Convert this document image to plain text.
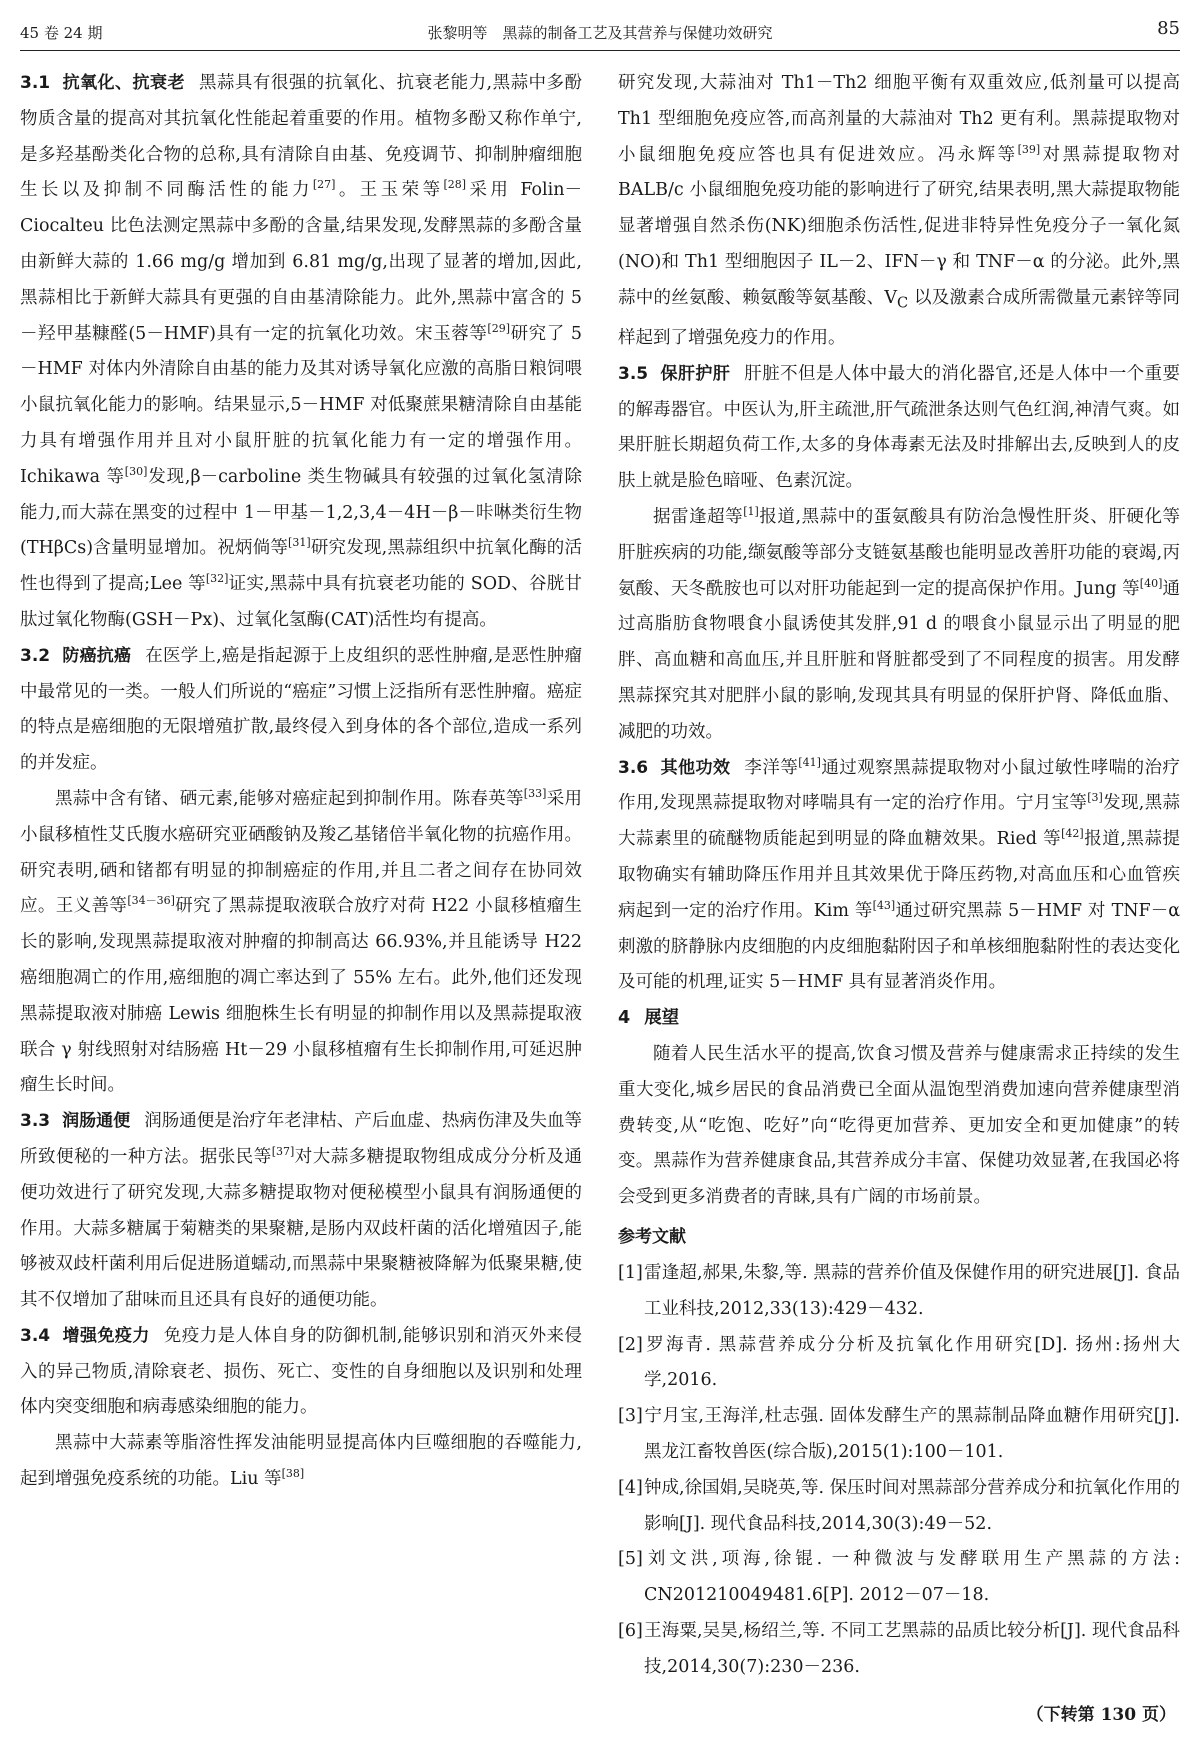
45 卷 24 期	张黎明等　黑蒜的制备工艺及其营养与保健功效研究	85

3.1 抗氧化、抗衰老 黑蒜具有很强的抗氧化、抗衰老能力,黑蒜中多酚物质含量的提高对其抗氧化性能起着重要的作用。植物多酚又称作单宁,是多羟基酚类化合物的总称,具有清除自由基、免疫调节、抑制肿瘤细胞生长以及抑制不同酶活性的能力[27]。王玉荣等[28]采用 Folin－Ciocalteu 比色法测定黑蒜中多酚的含量,结果发现,发酵黑蒜的多酚含量由新鲜大蒜的 1.66 mg/g 增加到 6.81 mg/g,出现了显著的增加,因此,黑蒜相比于新鲜大蒜具有更强的自由基清除能力。此外,黑蒜中富含的 5－羟甲基糠醛(5－HMF)具有一定的抗氧化功效。宋玉蓉等[29]研究了 5－HMF 对体内外清除自由基的能力及其对诱导氧化应激的高脂日粮饲喂小鼠抗氧化能力的影响。结果显示,5－HMF 对低聚蔗果糖清除自由基能力具有增强作用并且对小鼠肝脏的抗氧化能力有一定的增强作用。Ichikawa 等[30]发现,β－carboline 类生物碱具有较强的过氧化氢清除能力,而大蒜在黑变的过程中 1－甲基－1,2,3,4－4H－β－咔啉类衍生物(THβCs)含量明显增加。祝炳倘等[31]研究发现,黑蒜组织中抗氧化酶的活性也得到了提高;Lee 等[32]证实,黑蒜中具有抗衰老功能的 SOD、谷胱甘肽过氧化物酶(GSH－Px)、过氧化氢酶(CAT)活性均有提高。

3.2 防癌抗癌 在医学上,癌是指起源于上皮组织的恶性肿瘤,是恶性肿瘤中最常见的一类。一般人们所说的“癌症”习惯上泛指所有恶性肿瘤。癌症的特点是癌细胞的无限增殖扩散,最终侵入到身体的各个部位,造成一系列的并发症。

黑蒜中含有锗、硒元素,能够对癌症起到抑制作用。陈春英等[33]采用小鼠移植性艾氏腹水癌研究亚硒酸钠及羧乙基锗倍半氧化物的抗癌作用。研究表明,硒和锗都有明显的抑制癌症的作用,并且二者之间存在协同效应。王义善等[34－36]研究了黑蒜提取液联合放疗对荷 H22 小鼠移植瘤生长的影响,发现黑蒜提取液对肿瘤的抑制高达 66.93%,并且能诱导 H22 癌细胞凋亡的作用,癌细胞的凋亡率达到了 55% 左右。此外,他们还发现黑蒜提取液对肺癌 Lewis 细胞株生长有明显的抑制作用以及黑蒜提取液联合 γ 射线照射对结肠癌 Ht－29 小鼠移植瘤有生长抑制作用,可延迟肿瘤生长时间。

3.3 润肠通便 润肠通便是治疗年老津枯、产后血虚、热病伤津及失血等所致便秘的一种方法。据张民等[37]对大蒜多糖提取物组成成分分析及通便功效进行了研究发现,大蒜多糖提取物对便秘模型小鼠具有润肠通便的作用。大蒜多糖属于菊糖类的果聚糖,是肠内双歧杆菌的活化增殖因子,能够被双歧杆菌利用后促进肠道蠕动,而黑蒜中果聚糖被降解为低聚果糖,使其不仅增加了甜味而且还具有良好的通便功能。

3.4 增强免疫力 免疫力是人体自身的防御机制,能够识别和消灭外来侵入的异己物质,清除衰老、损伤、死亡、变性的自身细胞以及识别和处理体内突变细胞和病毒感染细胞的能力。

黑蒜中大蒜素等脂溶性挥发油能明显提高体内巨噬细胞的吞噬能力,起到增强免疫系统的功能。Liu 等[38]

研究发现,大蒜油对 Th1－Th2 细胞平衡有双重效应,低剂量可以提高 Th1 型细胞免疫应答,而高剂量的大蒜油对 Th2 更有利。黑蒜提取物对小鼠细胞免疫应答也具有促进效应。冯永辉等[39]对黑蒜提取物对 BALB/c 小鼠细胞免疫功能的影响进行了研究,结果表明,黑大蒜提取物能显著增强自然杀伤(NK)细胞杀伤活性,促进非特异性免疫分子一氧化氮(NO)和 Th1 型细胞因子 IL－2、IFN－γ 和 TNF－α 的分泌。此外,黑蒜中的丝氨酸、赖氨酸等氨基酸、$V_C$ 以及激素合成所需微量元素锌等同样起到了增强免疫力的作用。

3.5 保肝护肝 肝脏不但是人体中最大的消化器官,还是人体中一个重要的解毒器官。中医认为,肝主疏泄,肝气疏泄条达则气色红润,神清气爽。如果肝脏长期超负荷工作,太多的身体毒素无法及时排解出去,反映到人的皮肤上就是脸色暗哑、色素沉淀。

据雷逢超等[1]报道,黑蒜中的蛋氨酸具有防治急慢性肝炎、肝硬化等肝脏疾病的功能,缬氨酸等部分支链氨基酸也能明显改善肝功能的衰竭,丙氨酸、天冬酰胺也可以对肝功能起到一定的提高保护作用。Jung 等[40]通过高脂肪食物喂食小鼠诱使其发胖,91 d 的喂食小鼠显示出了明显的肥胖、高血糖和高血压,并且肝脏和肾脏都受到了不同程度的损害。用发酵黑蒜探究其对肥胖小鼠的影响,发现其具有明显的保肝护肾、降低血脂、减肥的功效。

3.6 其他功效 李洋等[41]通过观察黑蒜提取物对小鼠过敏性哮喘的治疗作用,发现黑蒜提取物对哮喘具有一定的治疗作用。宁月宝等[3]发现,黑蒜大蒜素里的硫醚物质能起到明显的降血糖效果。Ried 等[42]报道,黑蒜提取物确实有辅助降压作用并且其效果优于降压药物,对高血压和心血管疾病起到一定的治疗作用。Kim 等[43]通过研究黑蒜 5－HMF 对 TNF－α 刺激的脐静脉内皮细胞的内皮细胞黏附因子和单核细胞黏附性的表达变化及可能的机理,证实 5－HMF 具有显著消炎作用。

4 展望

随着人民生活水平的提高,饮食习惯及营养与健康需求正持续的发生重大变化,城乡居民的食品消费已全面从温饱型消费加速向营养健康型消费转变,从“吃饱、吃好”向“吃得更加营养、更加安全和更加健康”的转变。黑蒜作为营养健康食品,其营养成分丰富、保健功效显著,在我国必将会受到更多消费者的青睐,具有广阔的市场前景。

参考文献

[1]雷逢超,郝果,朱黎,等. 黑蒜的营养价值及保健作用的研究进展[J]. 食品工业科技,2012,33(13):429－432.

[2]罗海青. 黑蒜营养成分分析及抗氧化作用研究[D]. 扬州:扬州大学,2016.

[3]宁月宝,王海洋,杜志强. 固体发酵生产的黑蒜制品降血糖作用研究[J]. 黑龙江畜牧兽医(综合版),2015(1):100－101.

[4]钟成,徐国娟,吴晓英,等. 保压时间对黑蒜部分营养成分和抗氧化作用的影响[J]. 现代食品科技,2014,30(3):49－52.

[5]刘文洪,项海,徐锟. 一种微波与发酵联用生产黑蒜的方法: CN201210049481.6[P]. 2012－07－18.

[6]王海粟,吴昊,杨绍兰,等. 不同工艺黑蒜的品质比较分析[J]. 现代食品科技,2014,30(7):230－236.

（下转第 130 页）
